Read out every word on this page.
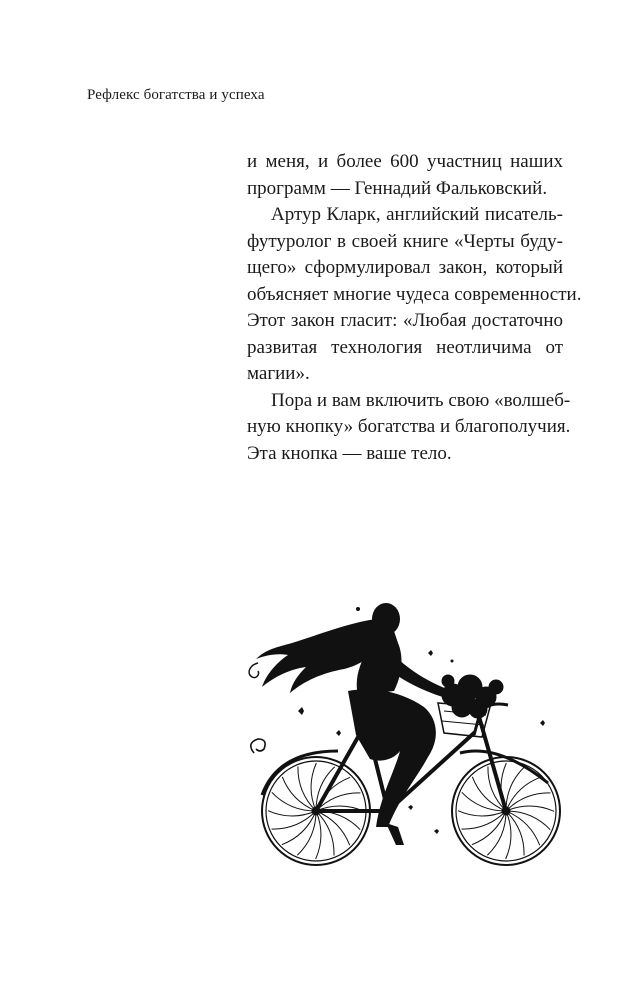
Рефлекс богатства и успеха
и меня, и более 600 участниц наших
программ — Геннадий Фальковский.
Артур Кларк, английский писатель-
футуролог в своей книге «Черты буду-
щего» сформулировал закон, который
объясняет многие чудеса современности.
Этот закон гласит: «Любая достаточно
развитая технология неотличима от
магии».
Пора и вам включить свою «волшеб-
ную кнопку» богатства и благополучия.
Эта кнопка — ваше тело.
